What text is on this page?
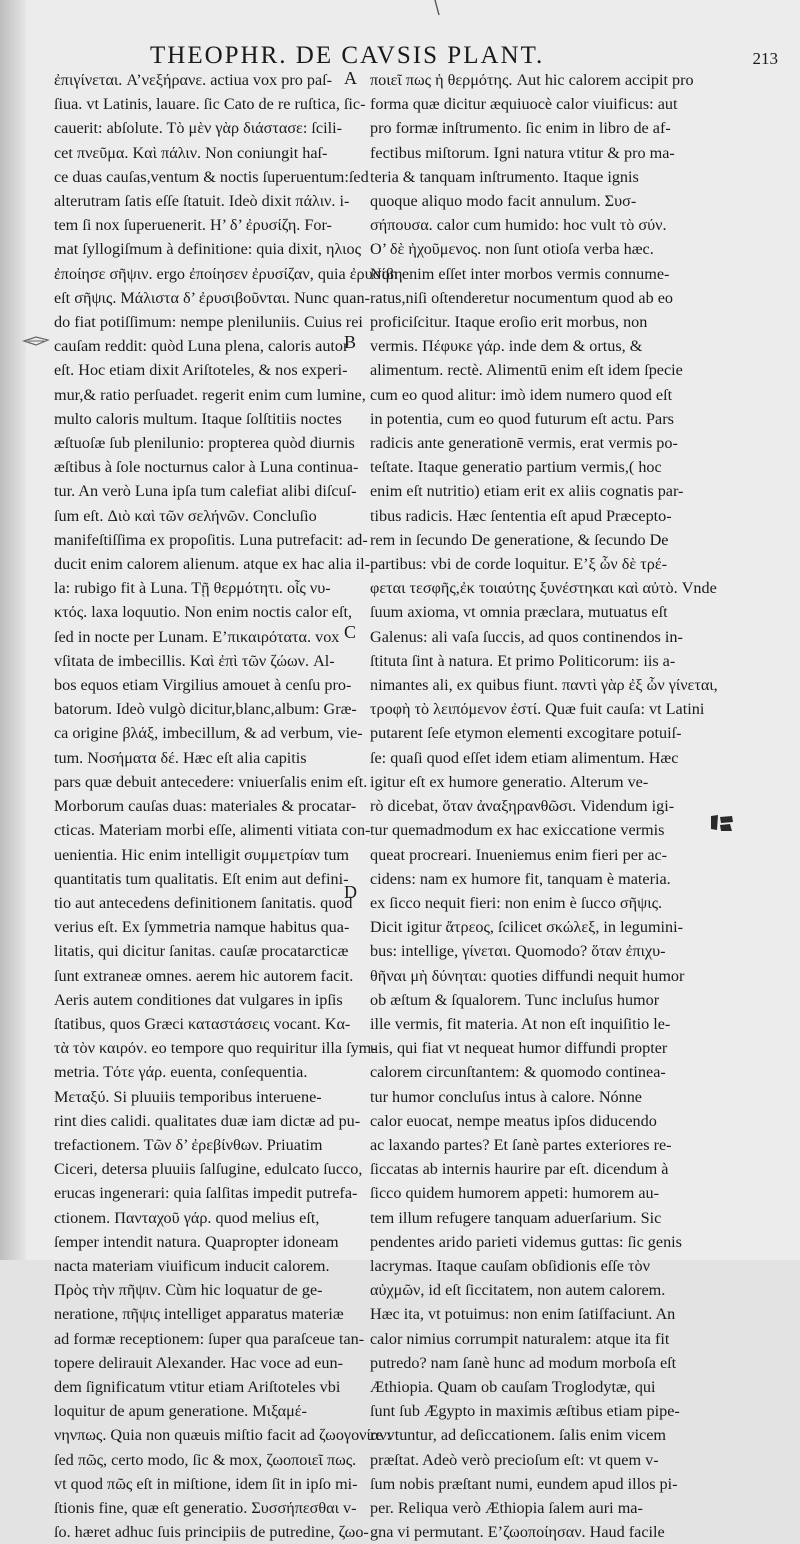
THEOPHR. DE CAVSIS PLANT.	213
A
B
C
D
ἐπιγίνεται. A’νεξήρανε. actiua vox pro paſ-
ſiua. vt Latinis, lauare. ſic Cato de re ruſtica, ſic-
cauerit: abſolute. Tὸ μὲν γὰρ διάστασε: ſcili-
cet πνεῦμα. Kαὶ πάλιν. Non coniungit haſ-
ce duas cauſas,ventum & noctis ſuperuentum:ſed
alterutram ſatis eſſe ſtatuit. Ideò dixit πάλιν. i-
tem ſi nox ſuperuenerit. H’ δ’ ἐρυσίζη. For-
mat ſyllogiſmum à definitione: quia dixit, ηλιος
ἐποίησε σῆψιν. ergo ἐποίησεν ἐρυσίζαν, quia ἐρυσίβη
eſt σῆψις. Mάλιστα δ’ ἐρυσιβοῦνται. Nunc quan-
do fiat potiſſimum: nempe pleniluniis. Cuius rei
cauſam reddit: quòd Luna plena, caloris autor
eſt. Hoc etiam dixit Ariſtoteles, & nos experi-
mur,& ratio perſuadet. regerit enim cum lumine,
multo caloris multum. Itaque ſolſtitiis noctes
æſtuoſæ ſub plenilunio: propterea quòd diurnis
æſtibus à ſole nocturnus calor à Luna continua-
tur. An verò Luna ipſa tum calefiat alibi diſcuſ-
ſum eſt. Διὸ καὶ τῶν σελήνῶν. Concluſio
manifeſtiſſima ex propoſitis. Luna putrefacit: ad-
ducit enim calorem alienum. atque ex hac alia il-
la: rubigo fit à Luna. Tῇ θερμότητι. οἷς νυ-
κτός. laxa loquutio. Non enim noctis calor eſt,
ſed in nocte per Lunam. E’πικαιρότατα. vox
vſitata de imbecillis. Kαὶ ἐπὶ τῶν ζώων. Al-
bos equos etiam Virgilius amouet à cenſu pro-
batorum. Ideò vulgò dicitur,blanc,album: Græ-
ca origine βλάξ, imbecillum, & ad verbum, vie-
tum. Nοσήματα δέ. Hæc eſt alia capitis
pars quæ debuit antecedere: vniuerſalis enim eſt.
Morborum cauſas duas: materiales & procatar-
cticas. Materiam morbi eſſe, alimenti vitiata con-
uenientia. Hic enim intelligit συμμετρίαν tum
quantitatis tum qualitatis. Eſt enim aut defini-
tio aut antecedens definitionem ſanitatis. quod
verius eſt. Ex ſymmetria namque habitus qua-
litatis, qui dicitur ſanitas. cauſæ procatarcticæ
ſunt extraneæ omnes. aerem hic autorem facit.
Aeris autem conditiones dat vulgares in ipſis
ſtatibus, quos Græci καταστάσεις vocant. Kα-
τὰ τὸν καιρόν. eo tempore quo requiritur illa ſym-
metria. Tότε γάρ. euenta, conſequentia.
Mεταξύ. Si pluuiis temporibus interuene-
rint dies calidi. qualitates duæ iam dictæ ad pu-
trefactionem. Tῶν δ’ ἐρεβίνθων. Priuatim
Ciceri, detersa pluuiis ſalſugine, edulcato ſucco,
erucas ingenerari: quia ſalſitas impedit putrefa-
ctionem. Πανταχοῦ γάρ. quod melius eſt,
ſemper intendit natura. Quapropter idoneam
nacta materiam viuificum inducit calorem.
Πρὸς τὴν πῆψιν. Cùm hic loquatur de ge-
neratione, πῆψις intelliget apparatus materiæ
ad formæ receptionem: ſuper qua paraſceue tan-
topere delirauit Alexander. Hac voce ad eun-
dem ſignificatum vtitur etiam Ariſtoteles vbi
loquitur de apum generatione. Mιξαμέ-
νηνπως. Quia non quæuis miſtio facit ad ζωογονίαν:
ſed πῶς, certo modo, ſic & mox, ζωοποιεῖ πως.
vt quod πῶς eſt in miſtione, idem ſit in ipſo mi-
ſtionis fine, quæ eſt generatio. Συσσήπεσθαι v-
ſo. hæret adhuc ſuis principiis de putredine, ζωο-
ποιεῖ πως ἡ θερμότης. Aut hic calorem accipit pro
forma quæ dicitur æquiuocè calor viuificus: aut
pro formæ inſtrumento. ſic enim in libro de af-
fectibus miſtorum. Igni natura vtitur & pro ma-
teria & tanquam inſtrumento. Itaque ignis
quoque aliquo modo facit annulum. Συσ-
σήπουσα. calor cum humido: hoc vult τὸ σύν.
O’ δὲ ἠχοῦμενος. non ſunt otioſa verba hæc.
Non enim eſſet inter morbos vermis connume-
ratus,niſi oſtenderetur nocumentum quod ab eo
proficiſcitur. Itaque eroſio erit morbus, non
vermis. Πέφυκε γάρ. inde dem & ortus, &
alimentum. rectè. Alimentū enim eſt idem ſpecie
cum eo quod alitur: imò idem numero quod eſt
in potentia, cum eo quod futurum eſt actu. Pars
radicis ante generationē vermis, erat vermis po-
teſtate. Itaque generatio partium vermis,( hoc
enim eſt nutritio) etiam erit ex aliis cognatis par-
tibus radicis. Hæc ſententia eſt apud Præcepto-
rem in ſecundo De generatione, & ſecundo De
partibus: vbi de corde loquitur. E’ξ ὧν δὲ τρέ-
φεται τεσφῆς,ἐκ τοιαύτης ξυνέστηκαι καὶ αὐτὸ. Vnde
ſuum axioma, vt omnia præclara, mutuatus eſt
Galenus: ali vaſa ſuccis, ad quos continendos in-
ſtituta ſint à natura. Et primo Politicorum: iis a-
nimantes ali, ex quibus fiunt. παντὶ γὰρ ἐξ ὧν γίνεται,
τροφὴ τὸ λειπόμενον ἐστί. Quæ fuit cauſa: vt Latini
putarent ſeſe etymon elementi excogitare potuiſ-
ſe: quaſi quod eſſet idem etiam alimentum. Hæc
igitur eſt ex humore generatio. Alterum ve-
rò dicebat, ὅταν ἀναξηρανθῶσι. Videndum igi-
tur quemadmodum ex hac exiccatione vermis
queat procreari. Inueniemus enim fieri per ac-
cidens: nam ex humore fit, tanquam è materia.
ex ſicco nequit fieri: non enim è ſucco σῆψις.
Dicit igitur ἄτρεος, ſcilicet σκώλεξ, in legumini-
bus: intellige, γίνεται. Quomodo? ὅταν ἐπιχυ-
θῆναι μὴ δύνηται: quoties diffundi nequit humor
ob æſtum & ſqualorem. Tunc incluſus humor
ille vermis, fit materia. At non eſt inquiſitio le-
uis, qui fiat vt nequeat humor diffundi propter
calorem circunſtantem: & quomodo continea-
tur humor concluſus intus à calore. Nónne
calor euocat, nempe meatus ipſos diducendo
ac laxando partes? Et ſanè partes exteriores re-
ſiccatas ab internis haurire par eſt. dicendum à
ſicco quidem humorem appeti: humorem au-
tem illum refugere tanquam aduerſarium. Sic
pendentes arido parieti videmus guttas: ſic genis
lacrymas. Itaque cauſam obſidionis eſſe τὸν
αὐχμῶν, id eſt ſiccitatem, non autem calorem.
Hæc ita, vt potuimus: non enim ſatiſfaciunt. An
calor nimius corrumpit naturalem: atque ita fit
putredo? nam ſanè hunc ad modum morboſa eſt
Æthiopia. Quam ob cauſam Troglodytæ, qui
ſunt ſub Ægypto in maximis æſtibus etiam pipe-
re vtuntur, ad deſiccationem. ſalis enim vicem
præſtat. Adeò verò precioſum eſt: vt quem v-
ſum nobis præſtant numi, eundem apud illos pi-
per. Reliqua verò Æthiopia ſalem auri ma-
gna vi permutant. E’ζωοποίησαν. Haud facile
